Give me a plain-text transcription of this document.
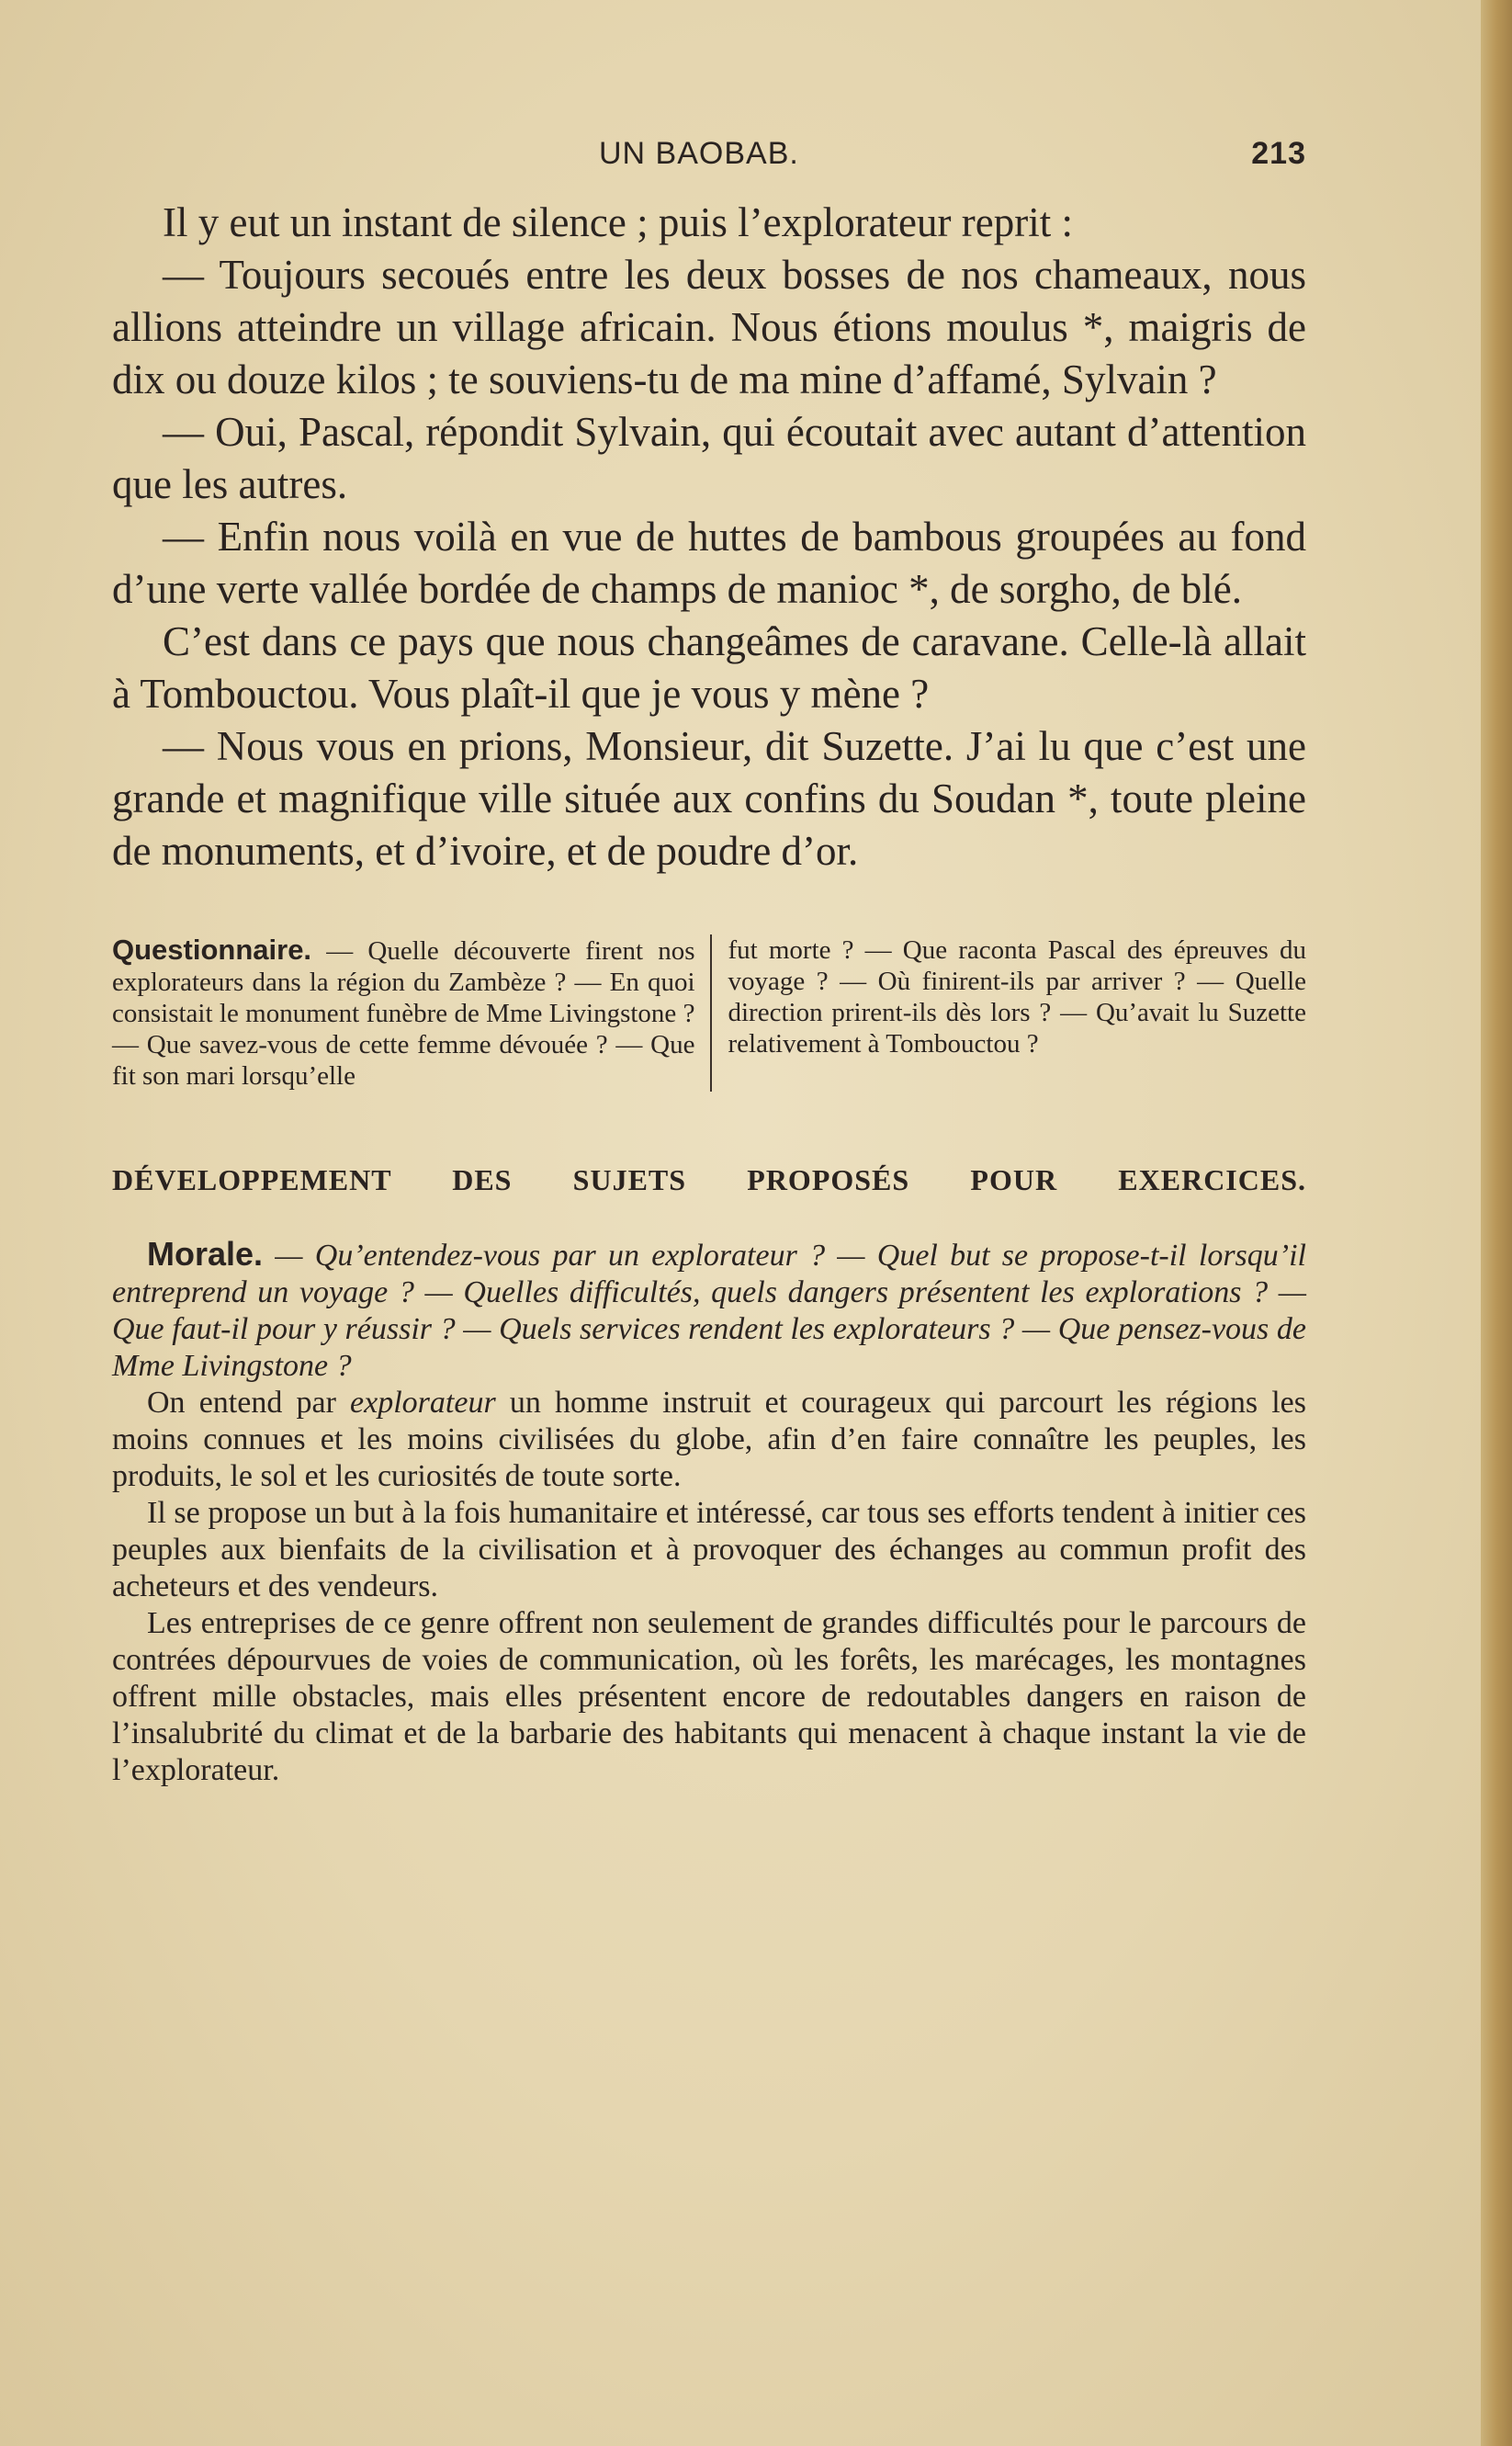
UN BAOBAB.	213

Il y eut un instant de silence ; puis l’explorateur reprit :

— Toujours secoués entre les deux bosses de nos chameaux, nous allions atteindre un village africain. Nous étions moulus *, maigris de dix ou douze kilos ; te souviens-tu de ma mine d’affamé, Sylvain ?

— Oui, Pascal, répondit Sylvain, qui écoutait avec autant d’attention que les autres.

— Enfin nous voilà en vue de huttes de bambous groupées au fond d’une verte vallée bordée de champs de manioc *, de sorgho, de blé.

C’est dans ce pays que nous changeâmes de caravane. Celle-là allait à Tombouctou. Vous plaît-il que je vous y mène ?

— Nous vous en prions, Monsieur, dit Suzette. J’ai lu que c’est une grande et magnifique ville située aux confins du Soudan *, toute pleine de monuments, et d’ivoire, et de poudre d’or.

Questionnaire. — Quelle découverte firent nos explorateurs dans la région du Zambèze ? — En quoi consistait le monument funèbre de Mme Livingstone ? — Que savez-vous de cette femme dévouée ? — Que fit son mari lorsqu’elle
fut morte ? — Que raconta Pascal des épreuves du voyage ? — Où finirent-ils par arriver ? — Quelle direction prirent-ils dès lors ? — Qu’avait lu Suzette relativement à Tombouctou ?
DÉVELOPPEMENT DES SUJETS PROPOSÉS POUR EXERCICES.

Morale. — Qu’entendez-vous par un explorateur ? — Quel but se propose-t-il lorsqu’il entreprend un voyage ? — Quelles difficultés, quels dangers présentent les explorations ? — Que faut-il pour y réussir ? — Quels services rendent les explorateurs ? — Que pensez-vous de Mme Livingstone ?

On entend par explorateur un homme instruit et courageux qui parcourt les régions les moins connues et les moins civilisées du globe, afin d’en faire connaître les peuples, les produits, le sol et les curiosités de toute sorte.

Il se propose un but à la fois humanitaire et intéressé, car tous ses efforts tendent à initier ces peuples aux bienfaits de la civilisation et à provoquer des échanges au commun profit des acheteurs et des vendeurs.

Les entreprises de ce genre offrent non seulement de grandes difficultés pour le parcours de contrées dépourvues de voies de communication, où les forêts, les marécages, les montagnes offrent mille obstacles, mais elles présentent encore de redoutables dangers en raison de l’insalubrité du climat et de la barbarie des habitants qui menacent à chaque instant la vie de l’explorateur.
